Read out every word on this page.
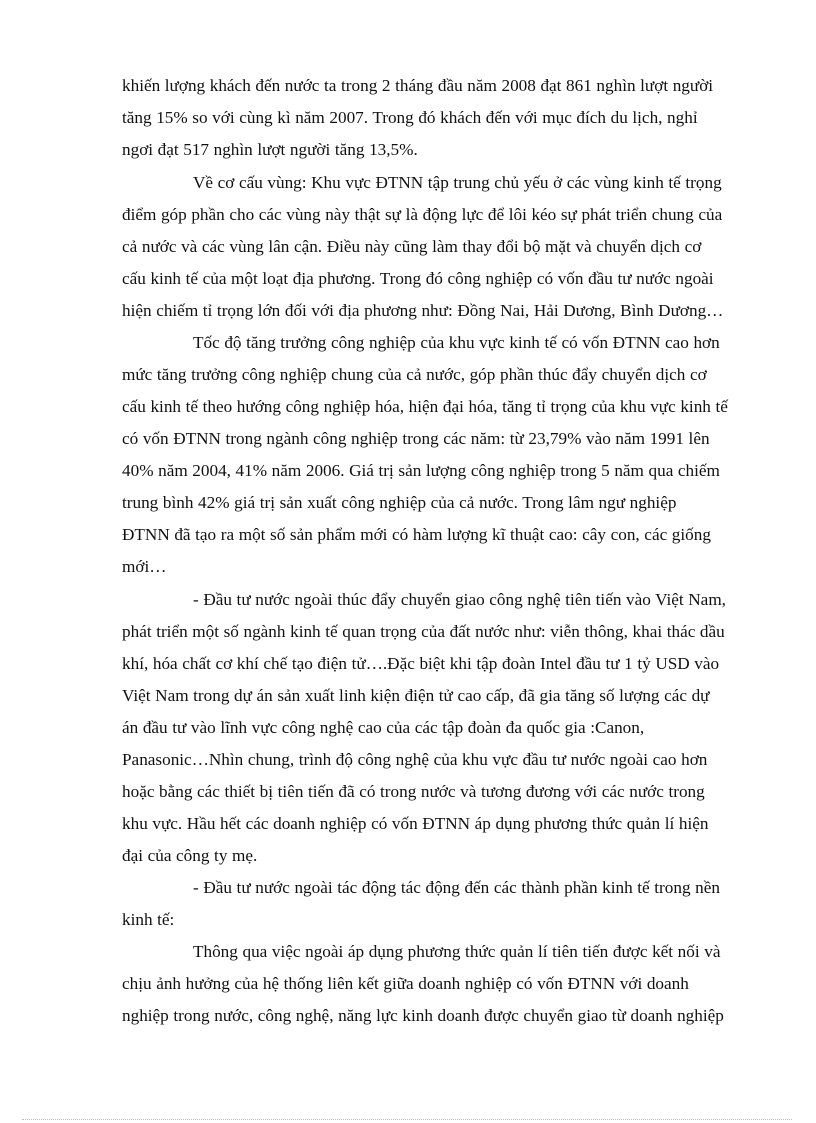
khiến lượng khách đến nước ta trong 2 tháng đầu năm 2008 đạt 861 nghìn lượt người

tăng 15% so với cùng kì năm 2007. Trong đó khách đến với mục đích du lịch, nghỉ

ngơi đạt 517 nghìn lượt người tăng 13,5%.

Về cơ cấu vùng: Khu vực ĐTNN tập trung chủ yếu ở các vùng kinh tế trọng

điểm góp phần cho các vùng này thật sự là động lực để lôi kéo sự phát triển chung của

cả nước và các vùng lân cận. Điều này cũng làm thay đổi bộ mặt và chuyển dịch cơ

cấu kinh tế của một loạt địa phương. Trong đó công nghiệp có vốn đầu tư nước ngoài

hiện chiếm tỉ trọng lớn đối với địa phương như: Đồng Nai, Hải Dương, Bình Dương…

Tốc độ tăng trưởng công nghiệp của khu vực kinh tế có vốn ĐTNN cao hơn

mức tăng trưởng công nghiệp chung của cả nước, góp phần thúc đẩy chuyển dịch cơ

cấu kinh tế theo hướng công nghiệp hóa, hiện đại hóa, tăng tỉ trọng của khu vực kinh tế

có vốn ĐTNN trong ngành công nghiệp trong các năm: từ 23,79% vào năm 1991 lên

40% năm 2004, 41% năm 2006. Giá trị sản lượng công nghiệp trong 5 năm qua chiếm

trung bình 42% giá trị sản xuất công nghiệp của cả nước. Trong lâm ngư nghiệp

ĐTNN đã tạo ra một số sản phẩm mới có hàm lượng kĩ thuật cao: cây con, các giống

mới…

- Đầu tư nước ngoài thúc đẩy chuyển giao công nghệ tiên tiến vào Việt Nam,

phát triển một số ngành kinh tế quan trọng của đất nước như: viễn thông, khai thác dầu

khí, hóa chất cơ khí chế tạo điện tử….Đặc biệt khi tập đoàn Intel đầu tư 1 tỷ USD vào

Việt Nam trong dự án sản xuất linh kiện điện tử cao cấp, đã gia tăng số lượng các dự

án đầu tư vào lĩnh vực công nghệ cao của các tập đoàn đa quốc gia :Canon,

Panasonic…Nhìn chung, trình độ công nghệ của khu vực đầu tư nước ngoài cao hơn

hoặc bằng các thiết bị tiên tiến đã có trong nước và tương đương với các nước trong

khu vực. Hầu hết các doanh nghiệp có vốn ĐTNN áp dụng phương thức quản lí hiện

đại của công ty mẹ.

- Đầu tư nước ngoài tác động tác động đến các thành phần kinh tế trong nền

kinh tế:

Thông qua việc ngoài áp dụng phương thức quản lí tiên tiến được kết nối và

chịu ảnh hưởng của hệ thống liên kết giữa doanh nghiệp có vốn ĐTNN với doanh

nghiệp trong nước, công nghệ, năng lực kinh doanh được chuyển giao từ doanh nghiệp
